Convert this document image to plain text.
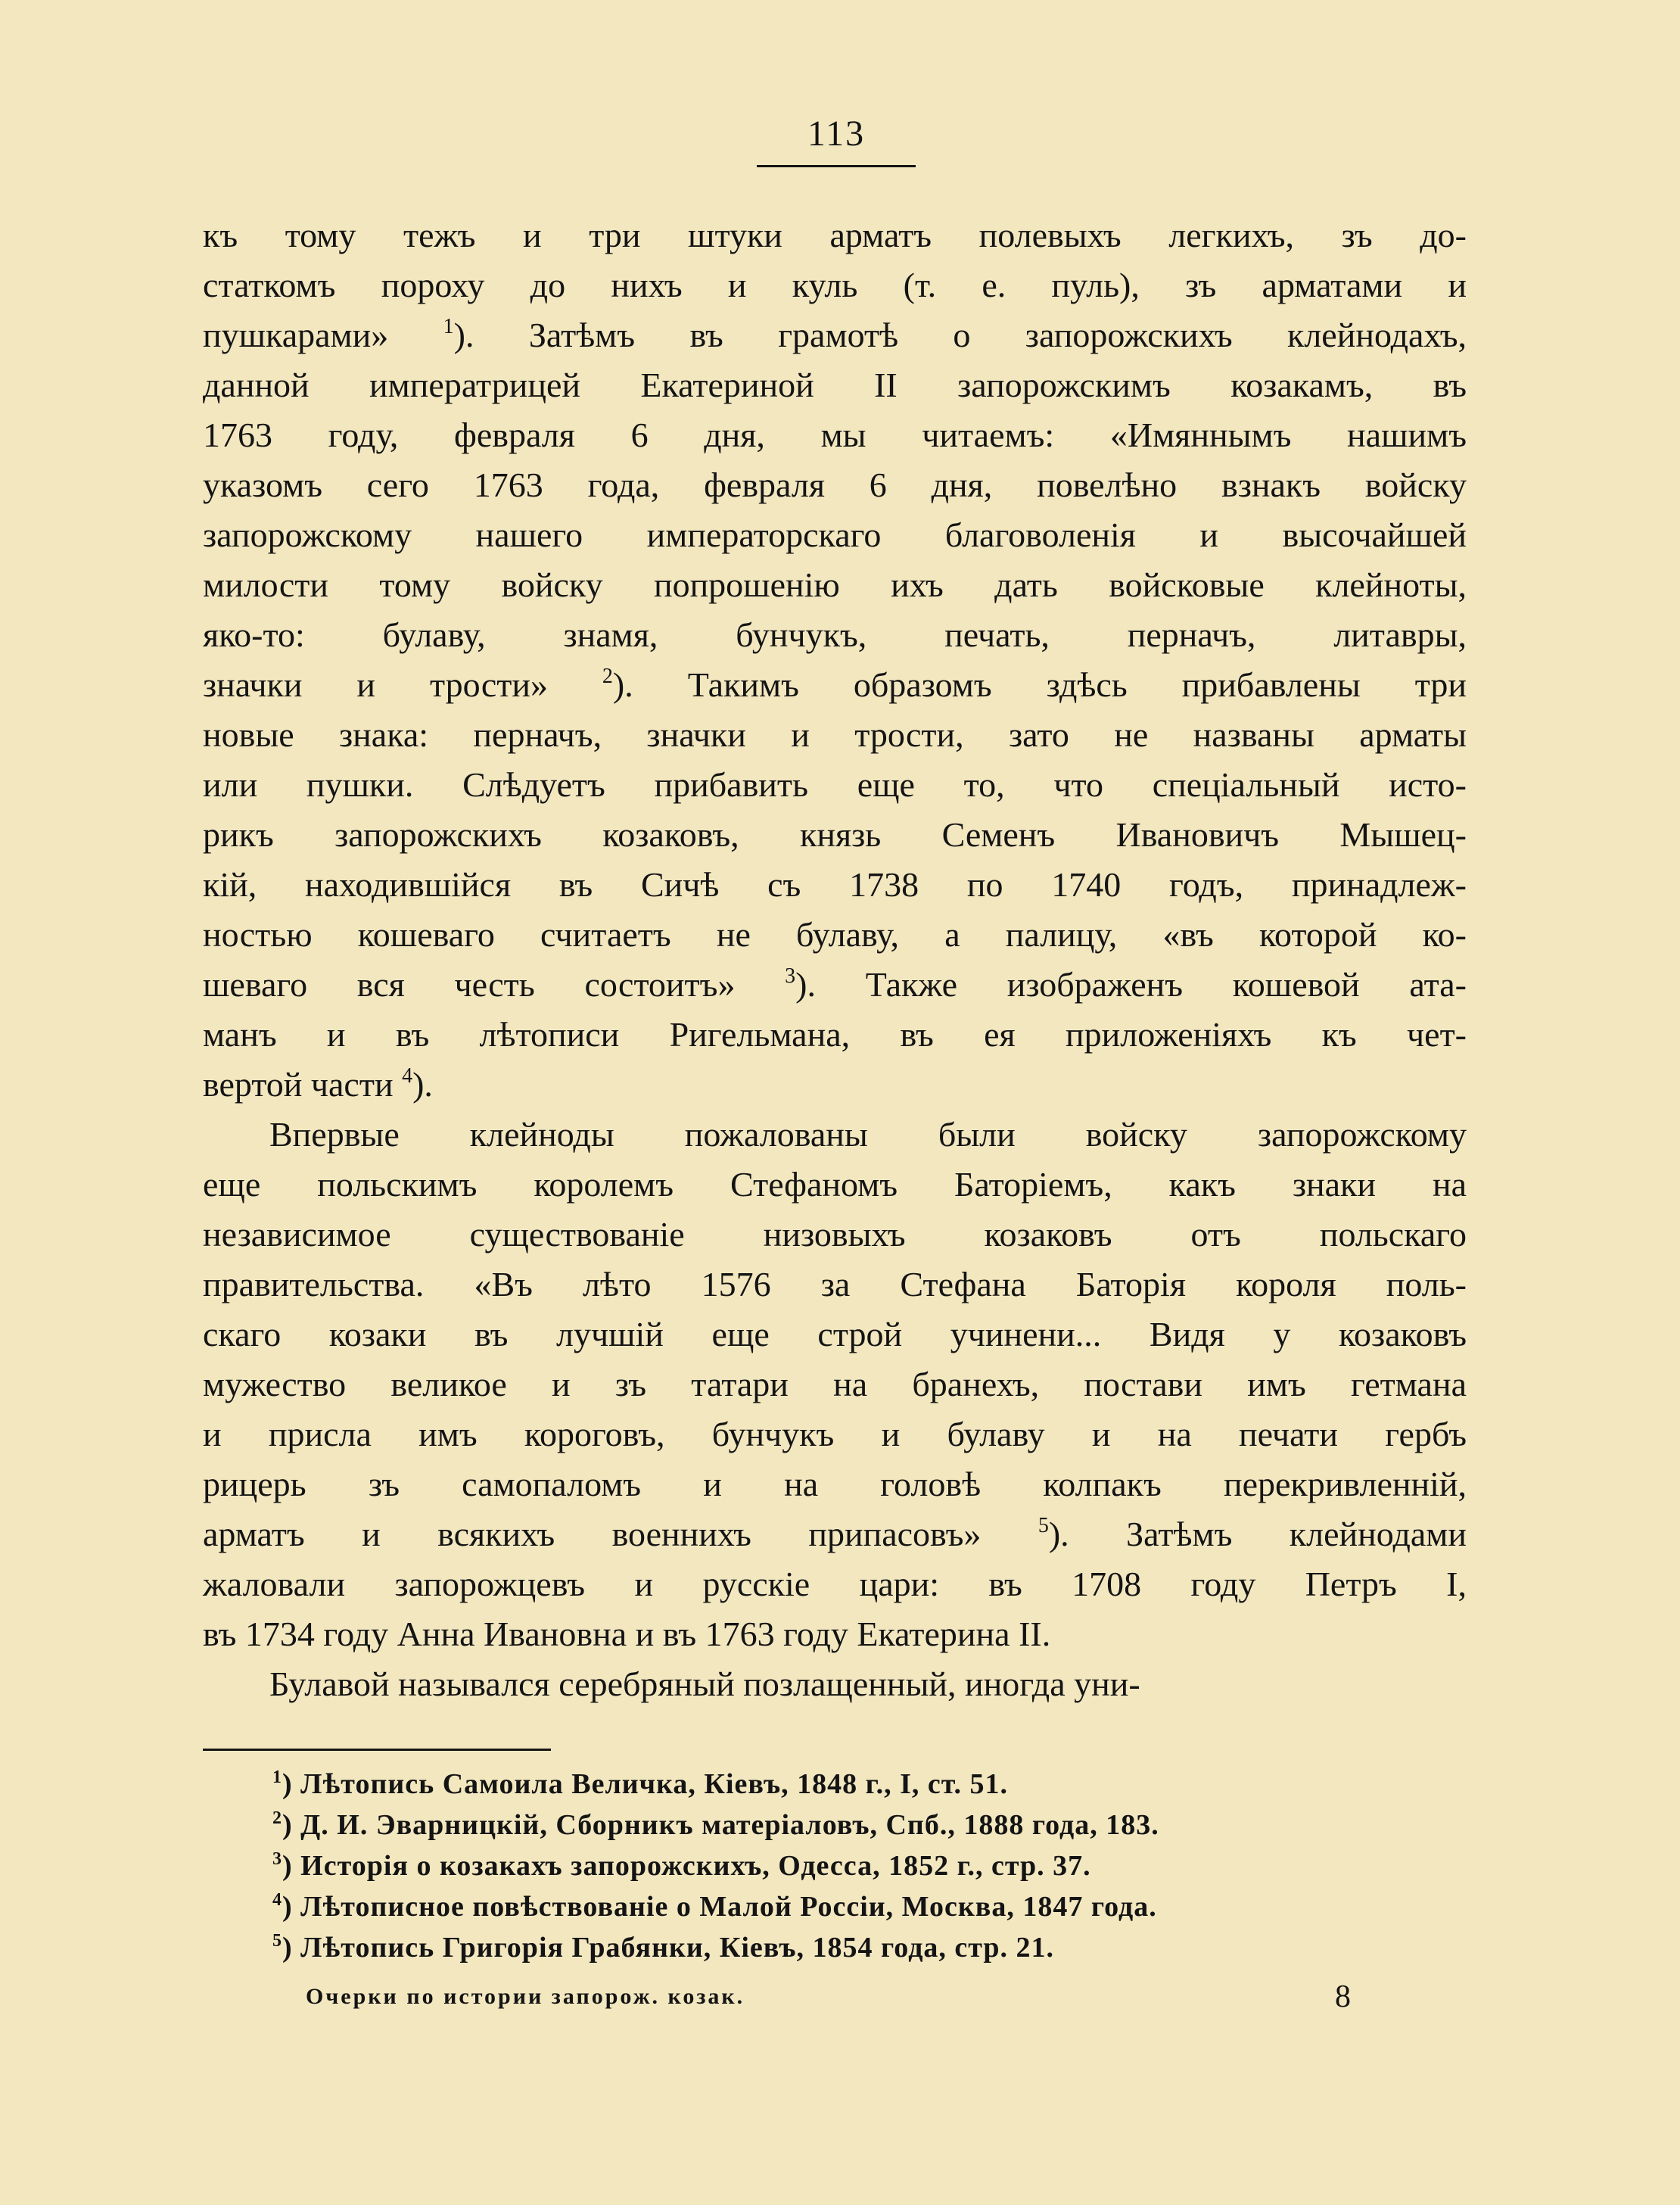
113
къ тому тежъ и три штуки арматъ полевыхъ легкихъ, зъ до-
статкомъ пороху до нихъ и куль (т. е. пуль), зъ арматами и
пушкарами» $^1$). Затѣмъ въ грамотѣ о запорожскихъ клейнодахъ,
данной императрицей Екатериной II запорожскимъ козакамъ, въ
1763 году, февраля 6 дня, мы читаемъ: «Имяннымъ нашимъ
указомъ сего 1763 года, февраля 6 дня, повелѣно взнакъ войску
запорожскому нашего императорскаго благоволенія и высочайшей
милости тому войску попрошенію ихъ дать войсковые клейноты,
яко-то: булаву, знамя, бунчукъ, печать, перначъ, литавры,
значки и трости» $^2$). Такимъ образомъ здѣсь прибавлены три
новые знака: перначъ, значки и трости, зато не названы арматы
или пушки. Слѣдуетъ прибавить еще то, что спеціальный исто-
рикъ запорожскихъ козаковъ, князь Семенъ Ивановичъ Мышец-
кій, находившійся въ Сичѣ съ 1738 по 1740 годъ, принадлеж-
ностью кошеваго считаетъ не булаву, а палицу, «въ которой ко-
шеваго вся честь состоитъ» $^3$). Также изображенъ кошевой ата-
манъ и въ лѣтописи Ригельмана, въ ея приложеніяхъ къ чет-
вертой части $^4$).
Впервые клейноды пожалованы были войску запорожскому
еще польскимъ королемъ Стефаномъ Баторіемъ, какъ знаки на
независимое существованіе низовыхъ козаковъ отъ польскаго
правительства. «Въ лѣто 1576 за Стефана Баторія короля поль-
скаго козаки въ лучшій еще строй учинени... Видя у козаковъ
мужество великое и зъ татари на бранехъ, постави имъ гетмана
и присла имъ короговъ, бунчукъ и булаву и на печати гербъ
рицерь зъ самопаломъ и на головѣ колпакъ перекривленній,
арматъ и всякихъ военнихъ припасовъ» $^5$). Затѣмъ клейнодами
жаловали запорожцевъ и русскіе цари: въ 1708 году Петръ I,
въ 1734 году Анна Ивановна и въ 1763 году Екатерина II.
Булавой назывался серебряный позлащенный, иногда уни-
$^1$) Лѣтопись Самоила Величка, Кіевъ, 1848 г., I, ст. 51.
$^2$) Д. И. Эварницкій, Сборникъ матеріаловъ, Спб., 1888 года, 183.
$^3$) Исторія о козакахъ запорожскихъ, Одесса, 1852 г., стр. 37.
$^4$) Лѣтописное повѣствованіе о Малой Россіи, Москва, 1847 года.
$^5$) Лѣтопись Григорія Грабянки, Кіевъ, 1854 года, стр. 21.
Очерки по истории запорож. козак.	8
